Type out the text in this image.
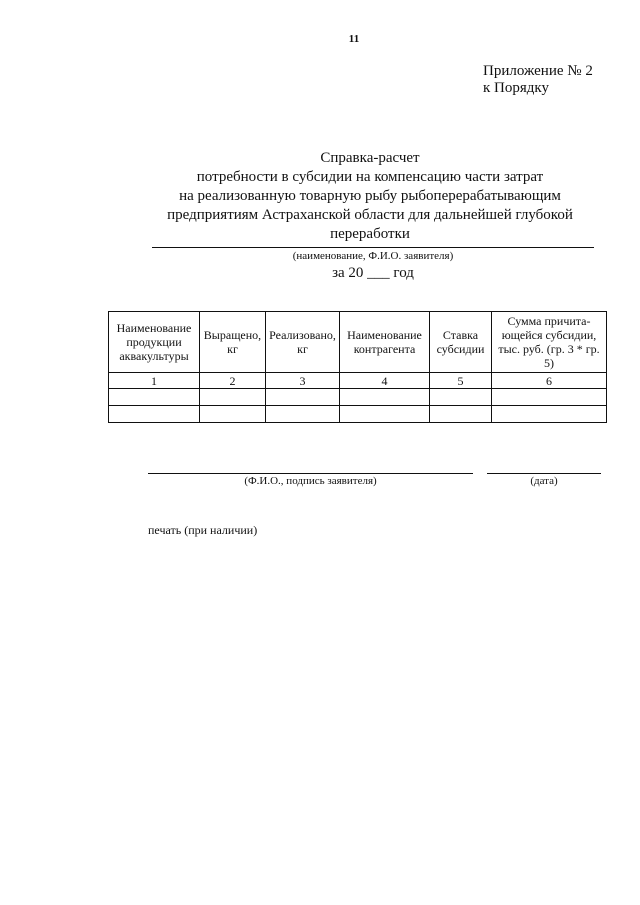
11
Приложение № 2
к Порядку
Справка-расчет
потребности в субсидии на компенсацию части затрат
на реализованную товарную рыбу рыбоперерабатывающим
предприятиям Астраханской области для дальнейшей глубокой
переработки
(наименование, Ф.И.О. заявителя)
за 20 ___ год
Наименование продукции аквакультуры	Выращено, кг	Реализовано, кг	Наименование контрагента	Ставка субсидии	Сумма причита-ющейся субсидии, тыс. руб. (гр. 3 * гр. 5)
1	2	3	4	5	6

(Ф.И.О., подпись заявителя)	(дата)
печать (при наличии)
